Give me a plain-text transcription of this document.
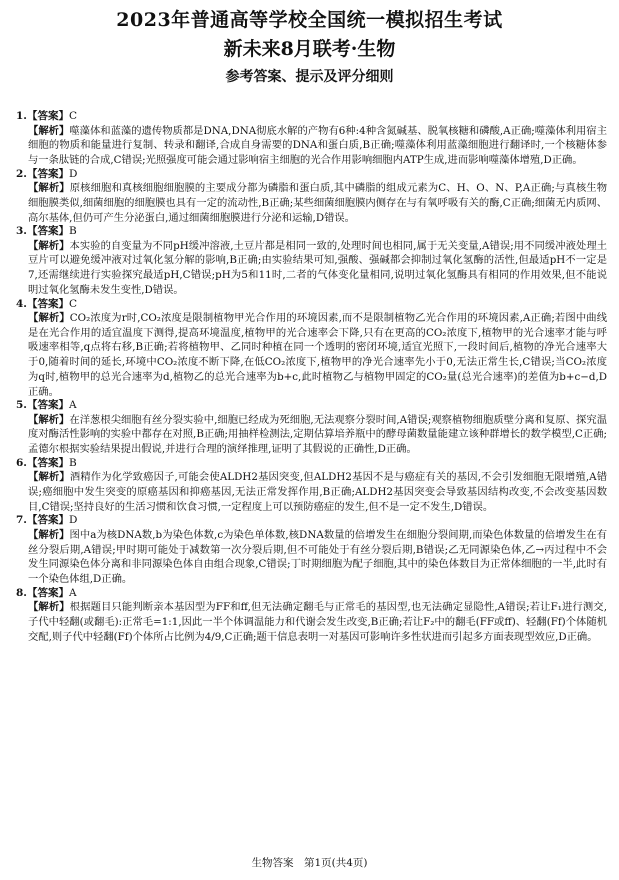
2023年普通高等学校全国统一模拟招生考试
新未来8月联考·生物
参考答案、提示及评分细则
1.【答案】C

【解析】噬藻体和蓝藻的遗传物质都是DNA,DNA彻底水解的产物有6种:4种含氮碱基、脱氧核糖和磷酸,A正确;噬藻体利用宿主细胞的物质和能量进行复制、转录和翻译,合成自身需要的DNA和蛋白质,B正确;噬藻体利用蓝藻细胞进行翻译时,一个核糖体参与一条肽链的合成,C错误;光照强度可能会通过影响宿主细胞的光合作用影响细胞内ATP生成,进而影响噬藻体增殖,D正确。

2.【答案】D

【解析】原核细胞和真核细胞细胞膜的主要成分都为磷脂和蛋白质,其中磷脂的组成元素为C、H、O、N、P,A正确;与真核生物细胞膜类似,细菌细胞的细胞膜也具有一定的流动性,B正确;某些细菌细胞膜内侧存在与有氧呼吸有关的酶,C正确;细菌无内质网、高尔基体,但仍可产生分泌蛋白,通过细菌细胞膜进行分泌和运输,D错误。

3.【答案】B

【解析】本实验的自变量为不同pH缓冲溶液,土豆片都是相同一致的,处理时间也相同,属于无关变量,A错误;用不同缓冲液处理土豆片可以避免缓冲液对过氧化氢分解的影响,B正确;由实验结果可知,强酸、强碱都会抑制过氧化氢酶的活性,但最适pH不一定是7,还需继续进行实验探究最适pH,C错误;pH为5和11时,二者的气体变化量相同,说明过氧化氢酶具有相同的作用效果,但不能说明过氧化氢酶未发生变性,D错误。

4.【答案】C

【解析】CO₂浓度为r时,CO₂浓度是限制植物甲光合作用的环境因素,而不是限制植物乙光合作用的环境因素,A正确;若图中曲线是在光合作用的适宜温度下测得,提高环境温度,植物甲的光合速率会下降,只有在更高的CO₂浓度下,植物甲的光合速率才能与呼吸速率相等,q点将右移,B正确;若将植物甲、乙同时种植在同一个透明的密闭环境,适宜光照下,一段时间后,植物的净光合速率大于0,随着时间的延长,环境中CO₂浓度不断下降,在低CO₂浓度下,植物甲的净光合速率先小于0,无法正常生长,C错误;当CO₂浓度为q时,植物甲的总光合速率为d,植物乙的总光合速率为b+c,此时植物乙与植物甲固定的CO₂量(总光合速率)的差值为b+c−d,D正确。

5.【答案】A

【解析】在洋葱根尖细胞有丝分裂实验中,细胞已经成为死细胞,无法观察分裂时间,A错误;观察植物细胞质壁分离和复原、探究温度对酶活性影响的实验中都存在对照,B正确;用抽样检测法,定期估算培养瓶中的酵母菌数量能建立该种群增长的数学模型,C正确;孟德尔根据实验结果提出假说,并进行合理的演绎推理,证明了其假说的正确性,D正确。

6.【答案】B

【解析】酒精作为化学致癌因子,可能会使ALDH2基因突变,但ALDH2基因不是与癌症有关的基因,不会引发细胞无限增殖,A错误;癌细胞中发生突变的原癌基因和抑癌基因,无法正常发挥作用,B正确;ALDH2基因突变会导致基因结构改变,不会改变基因数目,C错误;坚持良好的生活习惯和饮食习惯,一定程度上可以预防癌症的发生,但不是一定不发生,D错误。

7.【答案】D

【解析】图中a为核DNA数,b为染色体数,c为染色单体数,核DNA数量的倍增发生在细胞分裂间期,而染色体数量的倍增发生在有丝分裂后期,A错误;甲时期可能处于减数第一次分裂后期,但不可能处于有丝分裂后期,B错误;乙无同源染色体,乙→丙过程中不会发生同源染色体分离和非同源染色体自由组合现象,C错误;丁时期细胞为配子细胞,其中的染色体数目为正常体细胞的一半,此时有一个染色体组,D正确。

8.【答案】A

【解析】根据题目只能判断亲本基因型为FF和ff,但无法确定翻毛与正常毛的基因型,也无法确定显隐性,A错误;若让F₁进行测交,子代中轻翻(或翻毛):正常毛=1:1,因此一半个体调温能力和代谢会发生改变,B正确;若让F₂中的翻毛(FF或ff)、轻翻(Ff)个体随机交配,则子代中轻翻(Ff)个体所占比例为4/9,C正确;题干信息表明一对基因可影响许多性状进而引起多方面表现型效应,D正确。

生物答案　第1页(共4页)
